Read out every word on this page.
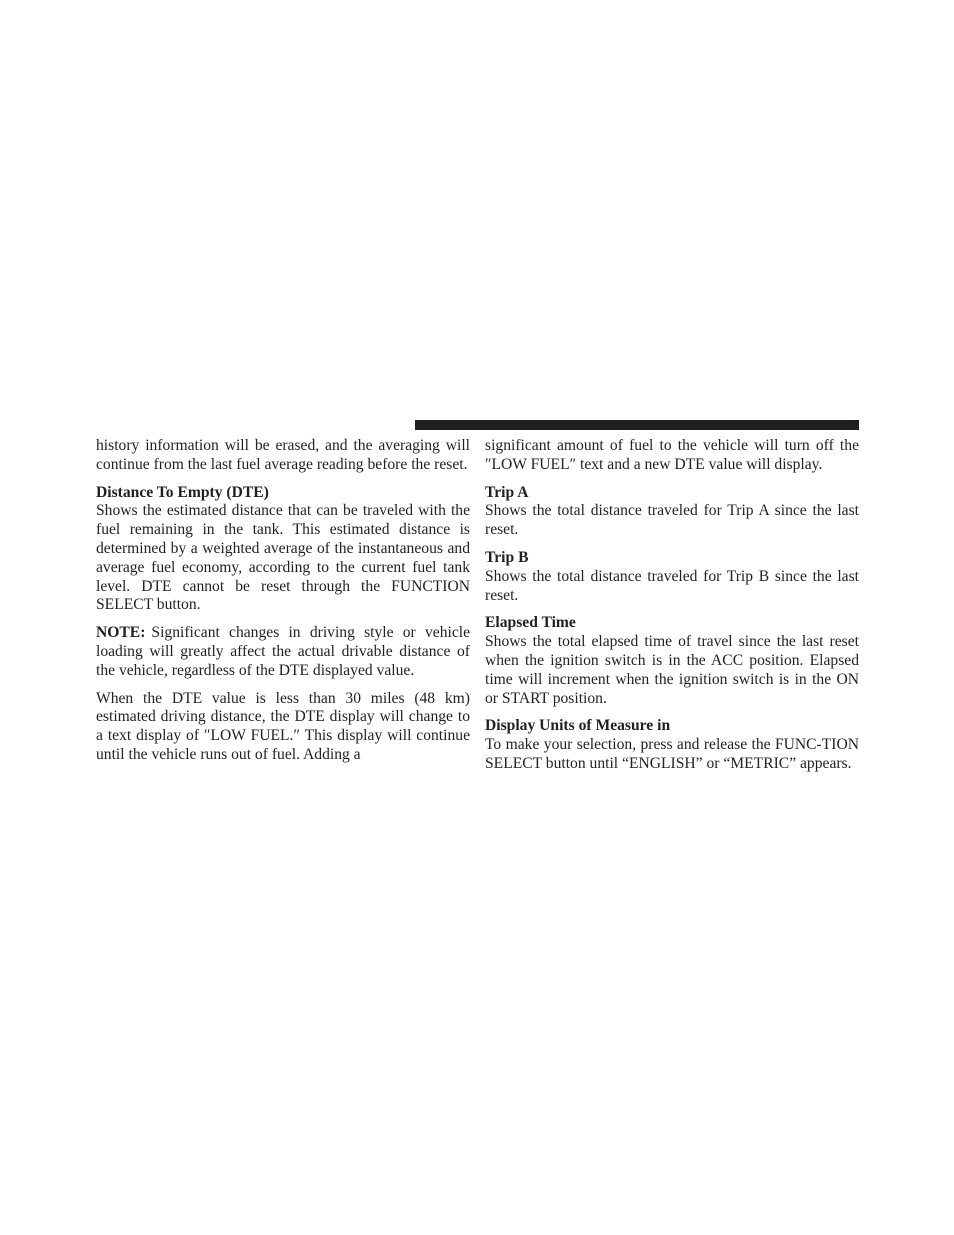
history information will be erased, and the averaging will continue from the last fuel average reading before the reset.

Distance To Empty (DTE)

Shows the estimated distance that can be traveled with the fuel remaining in the tank. This estimated distance is determined by a weighted average of the instantaneous and average fuel economy, according to the current fuel tank level. DTE cannot be reset through the FUNCTION SELECT button.

NOTE: Significant changes in driving style or vehicle loading will greatly affect the actual drivable distance of the vehicle, regardless of the DTE displayed value.

When the DTE value is less than 30 miles (48 km) estimated driving distance, the DTE display will change to a text display of ″LOW FUEL.″ This display will continue until the vehicle runs out of fuel. Adding a

significant amount of fuel to the vehicle will turn off the ″LOW FUEL″ text and a new DTE value will display.

Trip A

Shows the total distance traveled for Trip A since the last reset.

Trip B

Shows the total distance traveled for Trip B since the last reset.

Elapsed Time

Shows the total elapsed time of travel since the last reset when the ignition switch is in the ACC position. Elapsed time will increment when the ignition switch is in the ON or START position.

Display Units of Measure in

To make your selection, press and release the FUNC-TION SELECT button until “ENGLISH” or “METRIC” appears.
